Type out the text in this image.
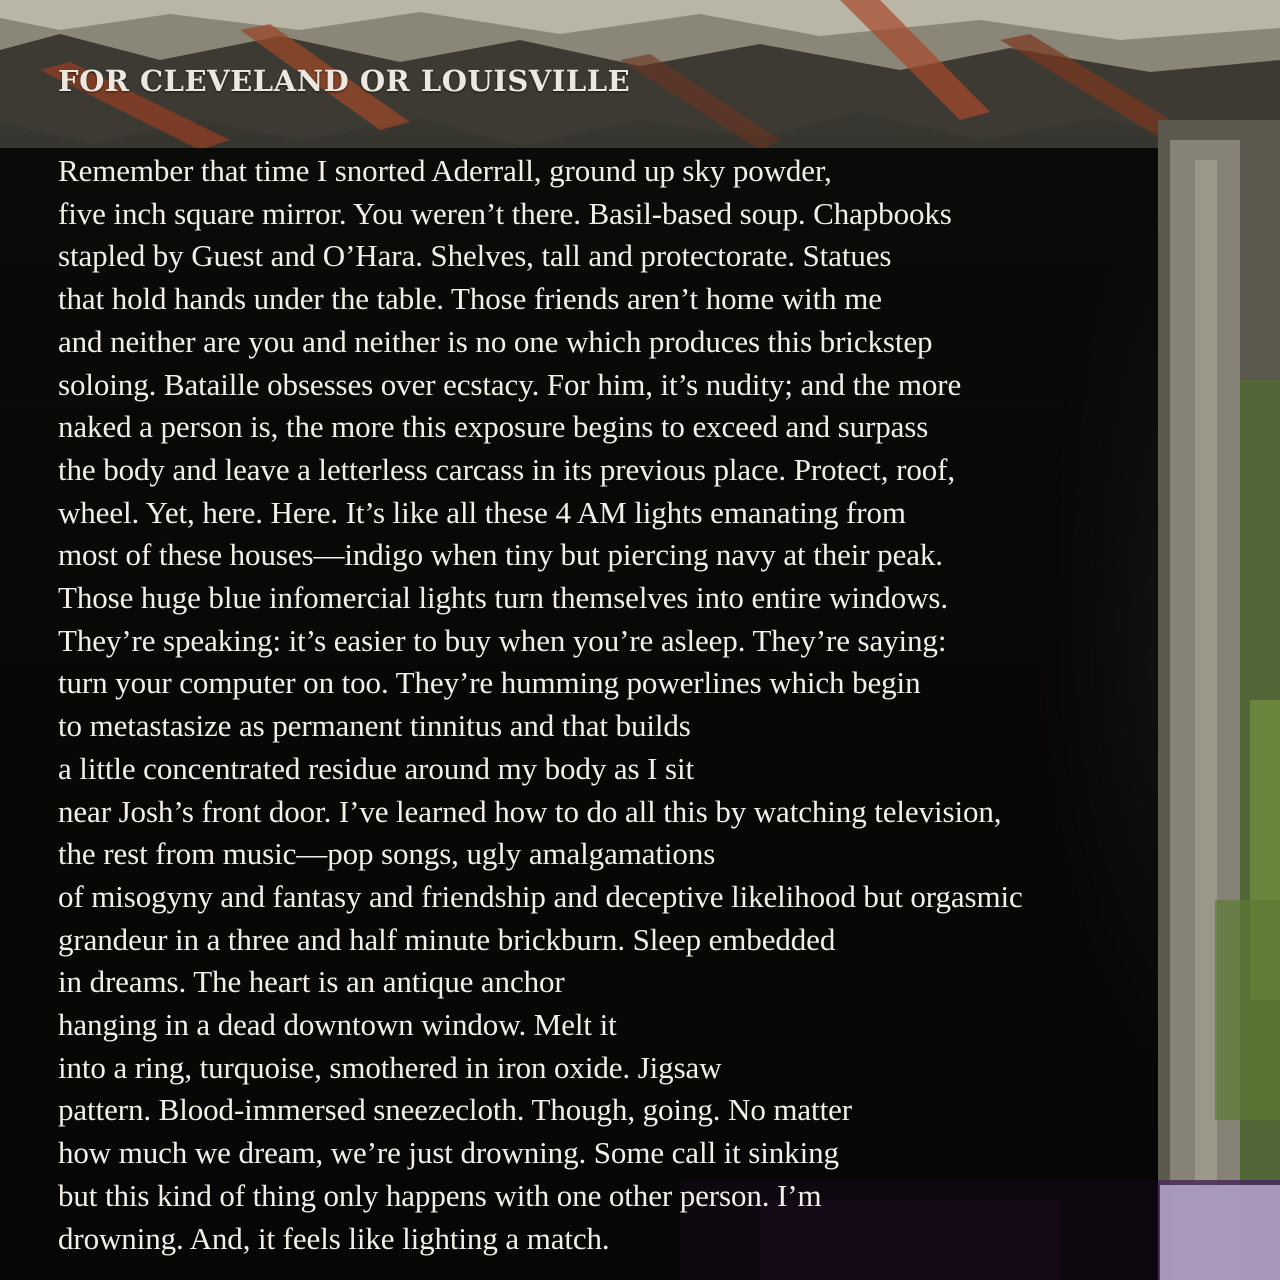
FOR CLEVELAND OR LOUISVILLE
Remember that time I snorted Aderrall, ground up sky powder,
five inch square mirror. You weren’t there. Basil-based soup. Chapbooks
stapled by Guest and O’Hara. Shelves, tall and protectorate. Statues
that hold hands under the table. Those friends aren’t home with me
and neither are you and neither is no one which produces this brickstep
soloing. Bataille obsesses over ecstacy. For him, it’s nudity; and the more
naked a person is, the more this exposure begins to exceed and surpass
the body and leave a letterless carcass in its previous place. Protect, roof,
wheel. Yet, here. Here. It’s like all these 4 AM lights emanating from
most of these houses—indigo when tiny but piercing navy at their peak.
Those huge blue infomercial lights turn themselves into entire windows.
They’re speaking: it’s easier to buy when you’re asleep. They’re saying:
turn your computer on too. They’re humming powerlines which begin
to metastasize as permanent tinnitus and that builds
a little concentrated residue around my body as I sit
near Josh’s front door. I’ve learned how to do all this by watching television,
the rest from music—pop songs, ugly amalgamations
of misogyny and fantasy and friendship and deceptive likelihood but orgasmic
grandeur in a three and half minute brickburn. Sleep embedded
in dreams. The heart is an antique anchor
hanging in a dead downtown window. Melt it
into a ring, turquoise, smothered in iron oxide. Jigsaw
pattern. Blood-immersed sneezecloth. Though, going. No matter
how much we dream, we’re just drowning. Some call it sinking
but this kind of thing only happens with one other person. I’m
drowning. And, it feels like lighting a match.
